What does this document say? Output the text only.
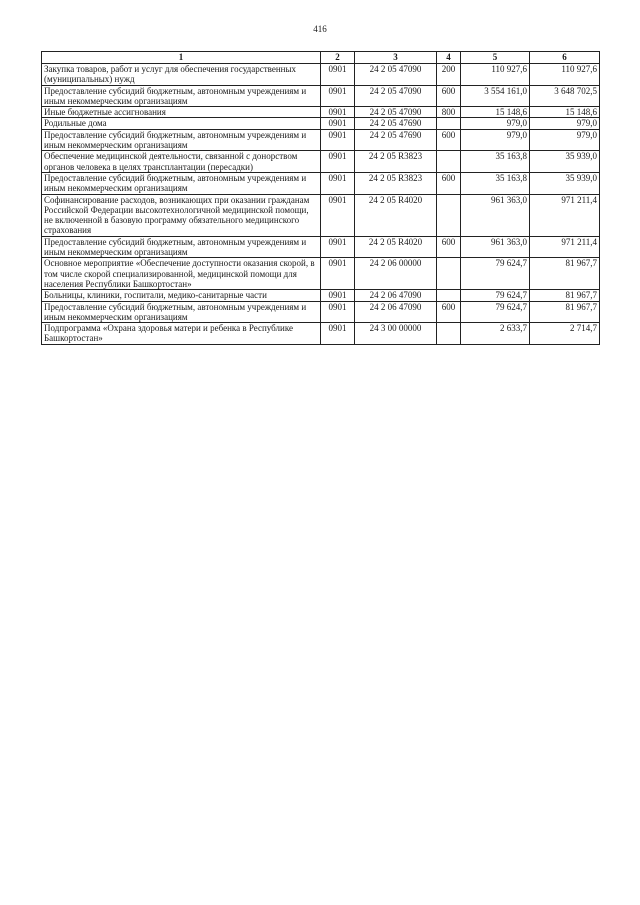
416
1	2	3	4	5	6
Закупка товаров, работ и услуг для обеспечения государственных (муниципальных) нужд	0901	24 2 05 47090	200	110 927,6	110 927,6
Предоставление субсидий бюджетным, автономным учреждениям и иным некоммерческим организациям	0901	24 2 05 47090	600	3 554 161,0	3 648 702,5
Иные бюджетные ассигнования	0901	24 2 05 47090	800	15 148,6	15 148,6
Родильные дома	0901	24 2 05 47690		979,0	979,0
Предоставление субсидий бюджетным, автономным учреждениям и иным некоммерческим организациям	0901	24 2 05 47690	600	979,0	979,0
Обеспечение медицинской деятельности, связанной с донорством органов человека в целях трансплантации (пересадки)	0901	24 2 05 R3823		35 163,8	35 939,0
Предоставление субсидий бюджетным, автономным учреждениям и иным некоммерческим организациям	0901	24 2 05 R3823	600	35 163,8	35 939,0
Софинансирование расходов, возникающих при оказании гражданам Российской Федерации высокотехнологичной медицинской помощи, не включенной в базовую программу обязательного медицинского страхования	0901	24 2 05 R4020		961 363,0	971 211,4
Предоставление субсидий бюджетным, автономным учреждениям и иным некоммерческим организациям	0901	24 2 05 R4020	600	961 363,0	971 211,4
Основное мероприятие «Обеспечение доступности оказания скорой, в том числе скорой специализированной, медицинской помощи для населения Республики Башкортостан»	0901	24 2 06 00000		79 624,7	81 967,7
Больницы, клиники, госпитали, медико-санитарные части	0901	24 2 06 47090		79 624,7	81 967,7
Предоставление субсидий бюджетным, автономным учреждениям и иным некоммерческим организациям	0901	24 2 06 47090	600	79 624,7	81 967,7
Подпрограмма «Охрана здоровья матери и ребенка в Республике Башкортостан»	0901	24 3 00 00000		2 633,7	2 714,7
